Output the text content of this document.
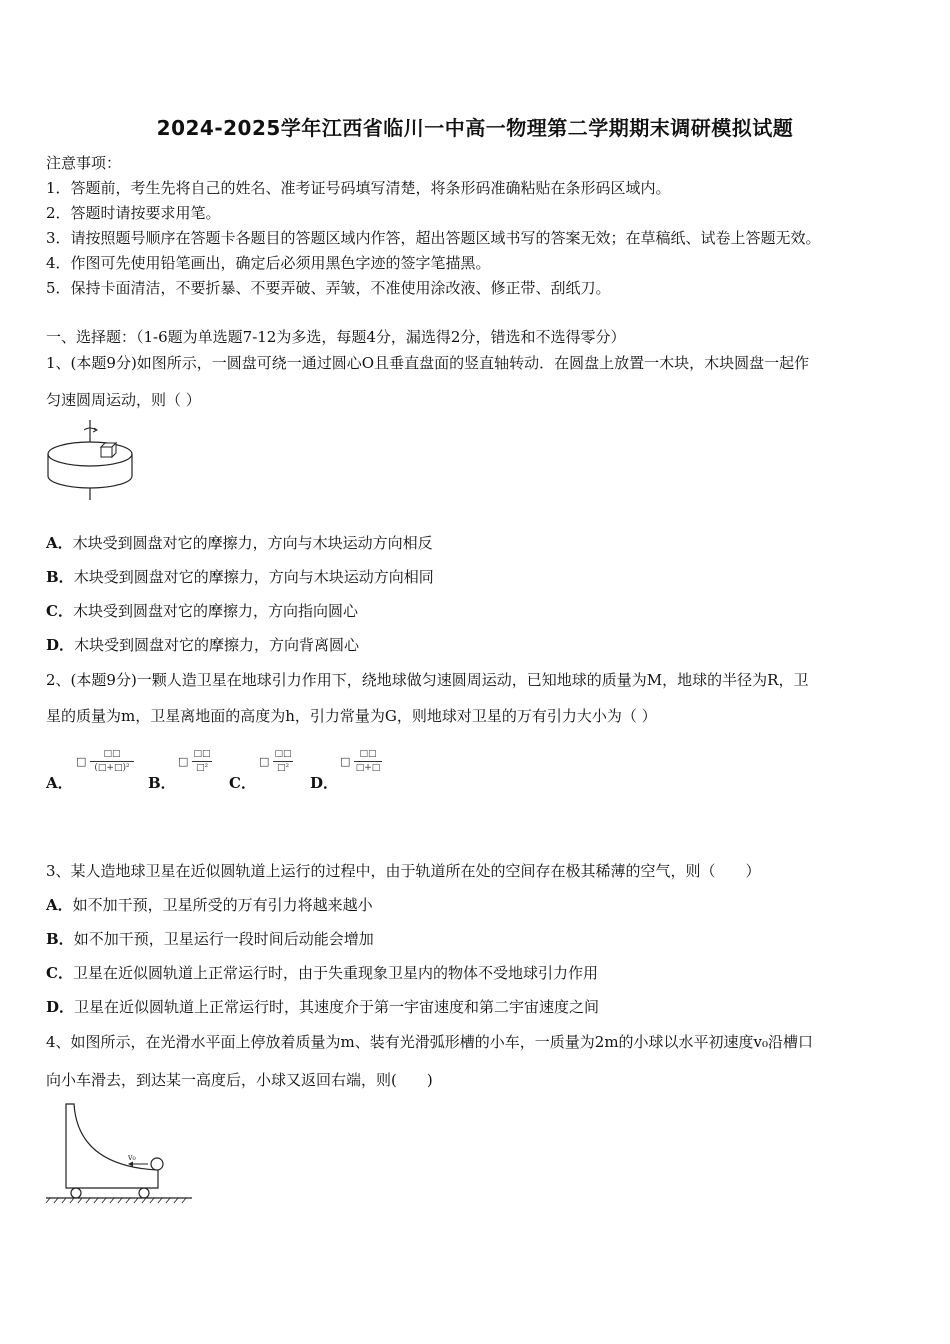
2024-2025学年江西省临川一中高一物理第二学期期末调研模拟试题
注意事项：
1．答题前，考生先将自己的姓名、准考证号码填写清楚，将条形码准确粘贴在条形码区域内。
2．答题时请按要求用笔。
3．请按照题号顺序在答题卡各题目的答题区域内作答，超出答题区域书写的答案无效；在草稿纸、试卷上答题无效。
4．作图可先使用铅笔画出，确定后必须用黑色字迹的签字笔描黑。
5．保持卡面清洁，不要折暴、不要弄破、弄皱，不准使用涂改液、修正带、刮纸刀。
一、选择题：（1-6题为单选题7-12为多选，每题4分，漏选得2分，错选和不选得零分）
1、(本题9分)如图所示，一圆盘可绕一通过圆心O且垂直盘面的竖直轴转动．在圆盘上放置一木块，木块圆盘一起作
匀速圆周运动，则（ ）
A．木块受到圆盘对它的摩擦力，方向与木块运动方向相反
B．木块受到圆盘对它的摩擦力，方向与木块运动方向相同
C．木块受到圆盘对它的摩擦力，方向指向圆心
D．木块受到圆盘对它的摩擦力，方向背离圆心
2、(本题9分)一颗人造卫星在地球引力作用下，绕地球做匀速圆周运动，已知地球的质量为M，地球的半径为R，卫
星的质量为m，卫星离地面的高度为h，引力常量为G，则地球对卫星的万有引力大小为（ ）
A．
□
□□
(□+□)²
B．
□
□□
□²
C．
□
□□
□²
D．
□
□□
□+□
3、某人造地球卫星在近似圆轨道上运行的过程中，由于轨道所在处的空间存在极其稀薄的空气，则（　　）
A．如不加干预，卫星所受的万有引力将越来越小
B．如不加干预，卫星运行一段时间后动能会增加
C．卫星在近似圆轨道上正常运行时，由于失重现象卫星内的物体不受地球引力作用
D．卫星在近似圆轨道上正常运行时，其速度介于第一宇宙速度和第二宇宙速度之间
4、如图所示，在光滑水平面上停放着质量为m、装有光滑弧形槽的小车，一质量为2m的小球以水平初速度v₀沿槽口
向小车滑去，到达某一高度后，小球又返回右端，则(　　)
v₀
